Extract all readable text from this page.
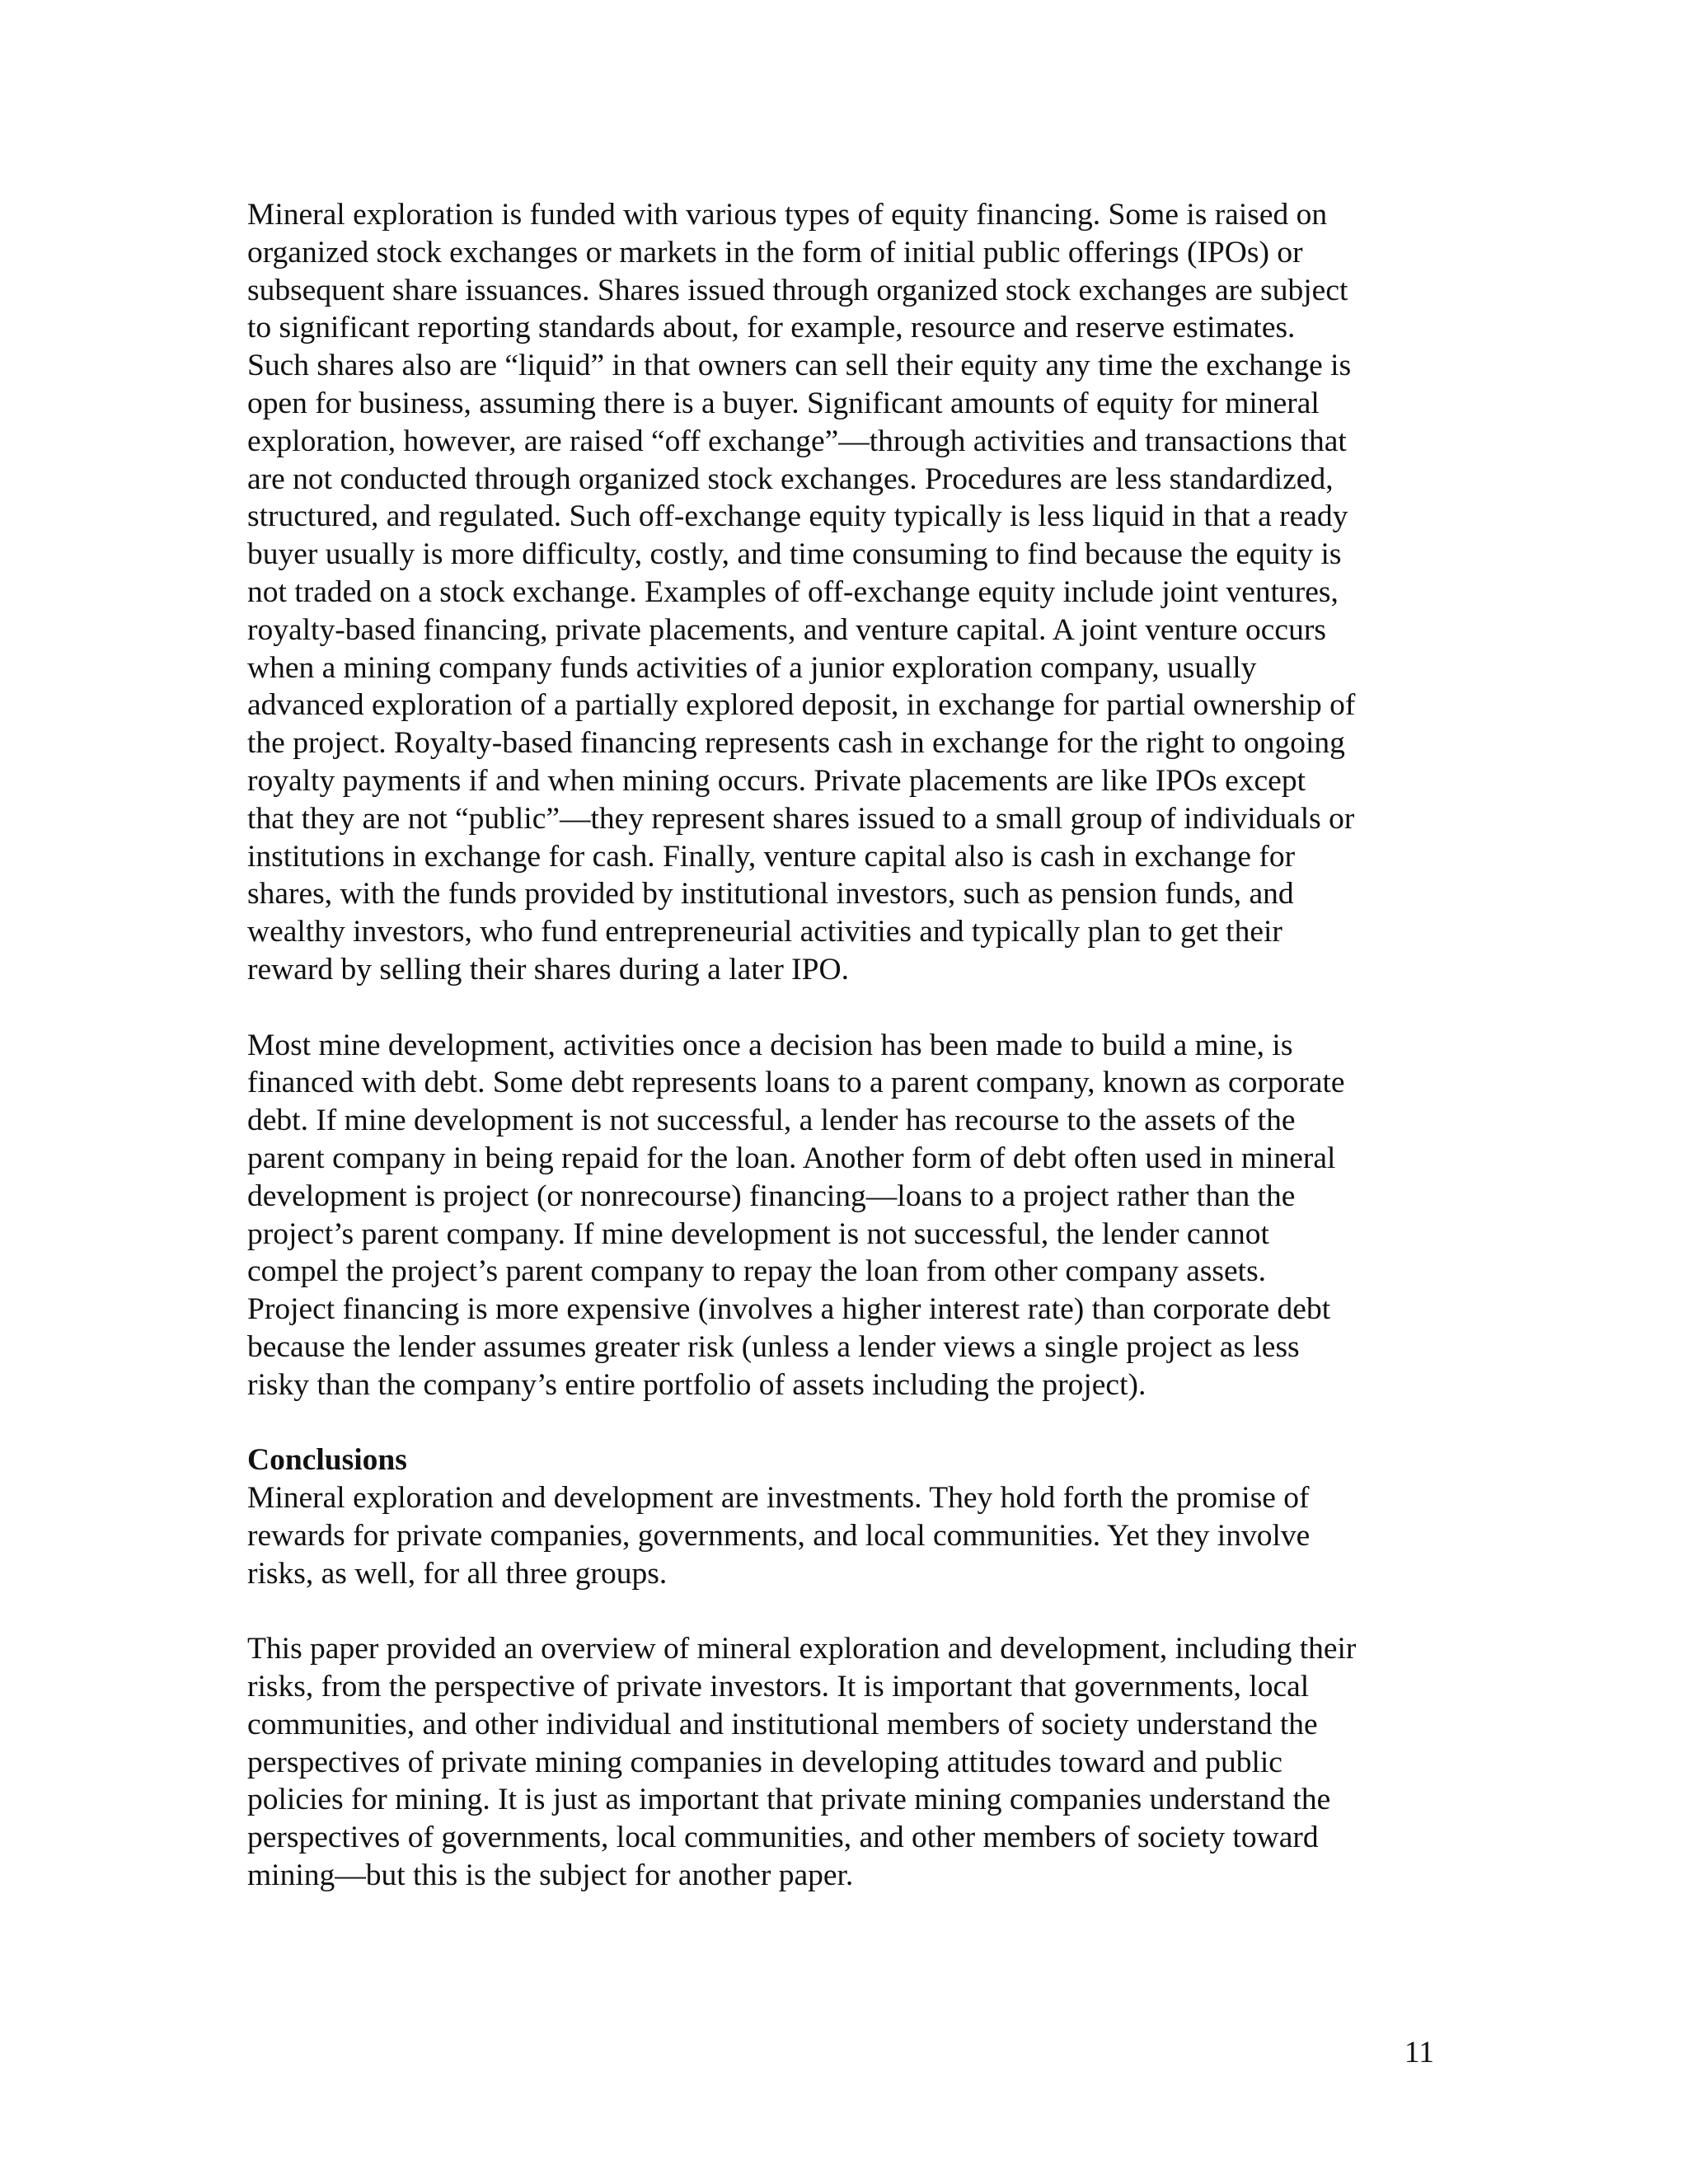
Mineral exploration is funded with various types of equity financing. Some is raised on
organized stock exchanges or markets in the form of initial public offerings (IPOs) or
subsequent share issuances. Shares issued through organized stock exchanges are subject
to significant reporting standards about, for example, resource and reserve estimates.
Such shares also are “liquid” in that owners can sell their equity any time the exchange is
open for business, assuming there is a buyer. Significant amounts of equity for mineral
exploration, however, are raised “off exchange”—through activities and transactions that
are not conducted through organized stock exchanges. Procedures are less standardized,
structured, and regulated. Such off-exchange equity typically is less liquid in that a ready
buyer usually is more difficulty, costly, and time consuming to find because the equity is
not traded on a stock exchange. Examples of off-exchange equity include joint ventures,
royalty-based financing, private placements, and venture capital. A joint venture occurs
when a mining company funds activities of a junior exploration company, usually
advanced exploration of a partially explored deposit, in exchange for partial ownership of
the project. Royalty-based financing represents cash in exchange for the right to ongoing
royalty payments if and when mining occurs. Private placements are like IPOs except
that they are not “public”—they represent shares issued to a small group of individuals or
institutions in exchange for cash. Finally, venture capital also is cash in exchange for
shares, with the funds provided by institutional investors, such as pension funds, and
wealthy investors, who fund entrepreneurial activities and typically plan to get their
reward by selling their shares during a later IPO.

Most mine development, activities once a decision has been made to build a mine, is
financed with debt. Some debt represents loans to a parent company, known as corporate
debt. If mine development is not successful, a lender has recourse to the assets of the
parent company in being repaid for the loan. Another form of debt often used in mineral
development is project (or nonrecourse) financing—loans to a project rather than the
project’s parent company. If mine development is not successful, the lender cannot
compel the project’s parent company to repay the loan from other company assets.
Project financing is more expensive (involves a higher interest rate) than corporate debt
because the lender assumes greater risk (unless a lender views a single project as less
risky than the company’s entire portfolio of assets including the project).

Conclusions

Mineral exploration and development are investments. They hold forth the promise of
rewards for private companies, governments, and local communities. Yet they involve
risks, as well, for all three groups.

This paper provided an overview of mineral exploration and development, including their
risks, from the perspective of private investors. It is important that governments, local
communities, and other individual and institutional members of society understand the
perspectives of private mining companies in developing attitudes toward and public
policies for mining. It is just as important that private mining companies understand the
perspectives of governments, local communities, and other members of society toward
mining—but this is the subject for another paper.

11
